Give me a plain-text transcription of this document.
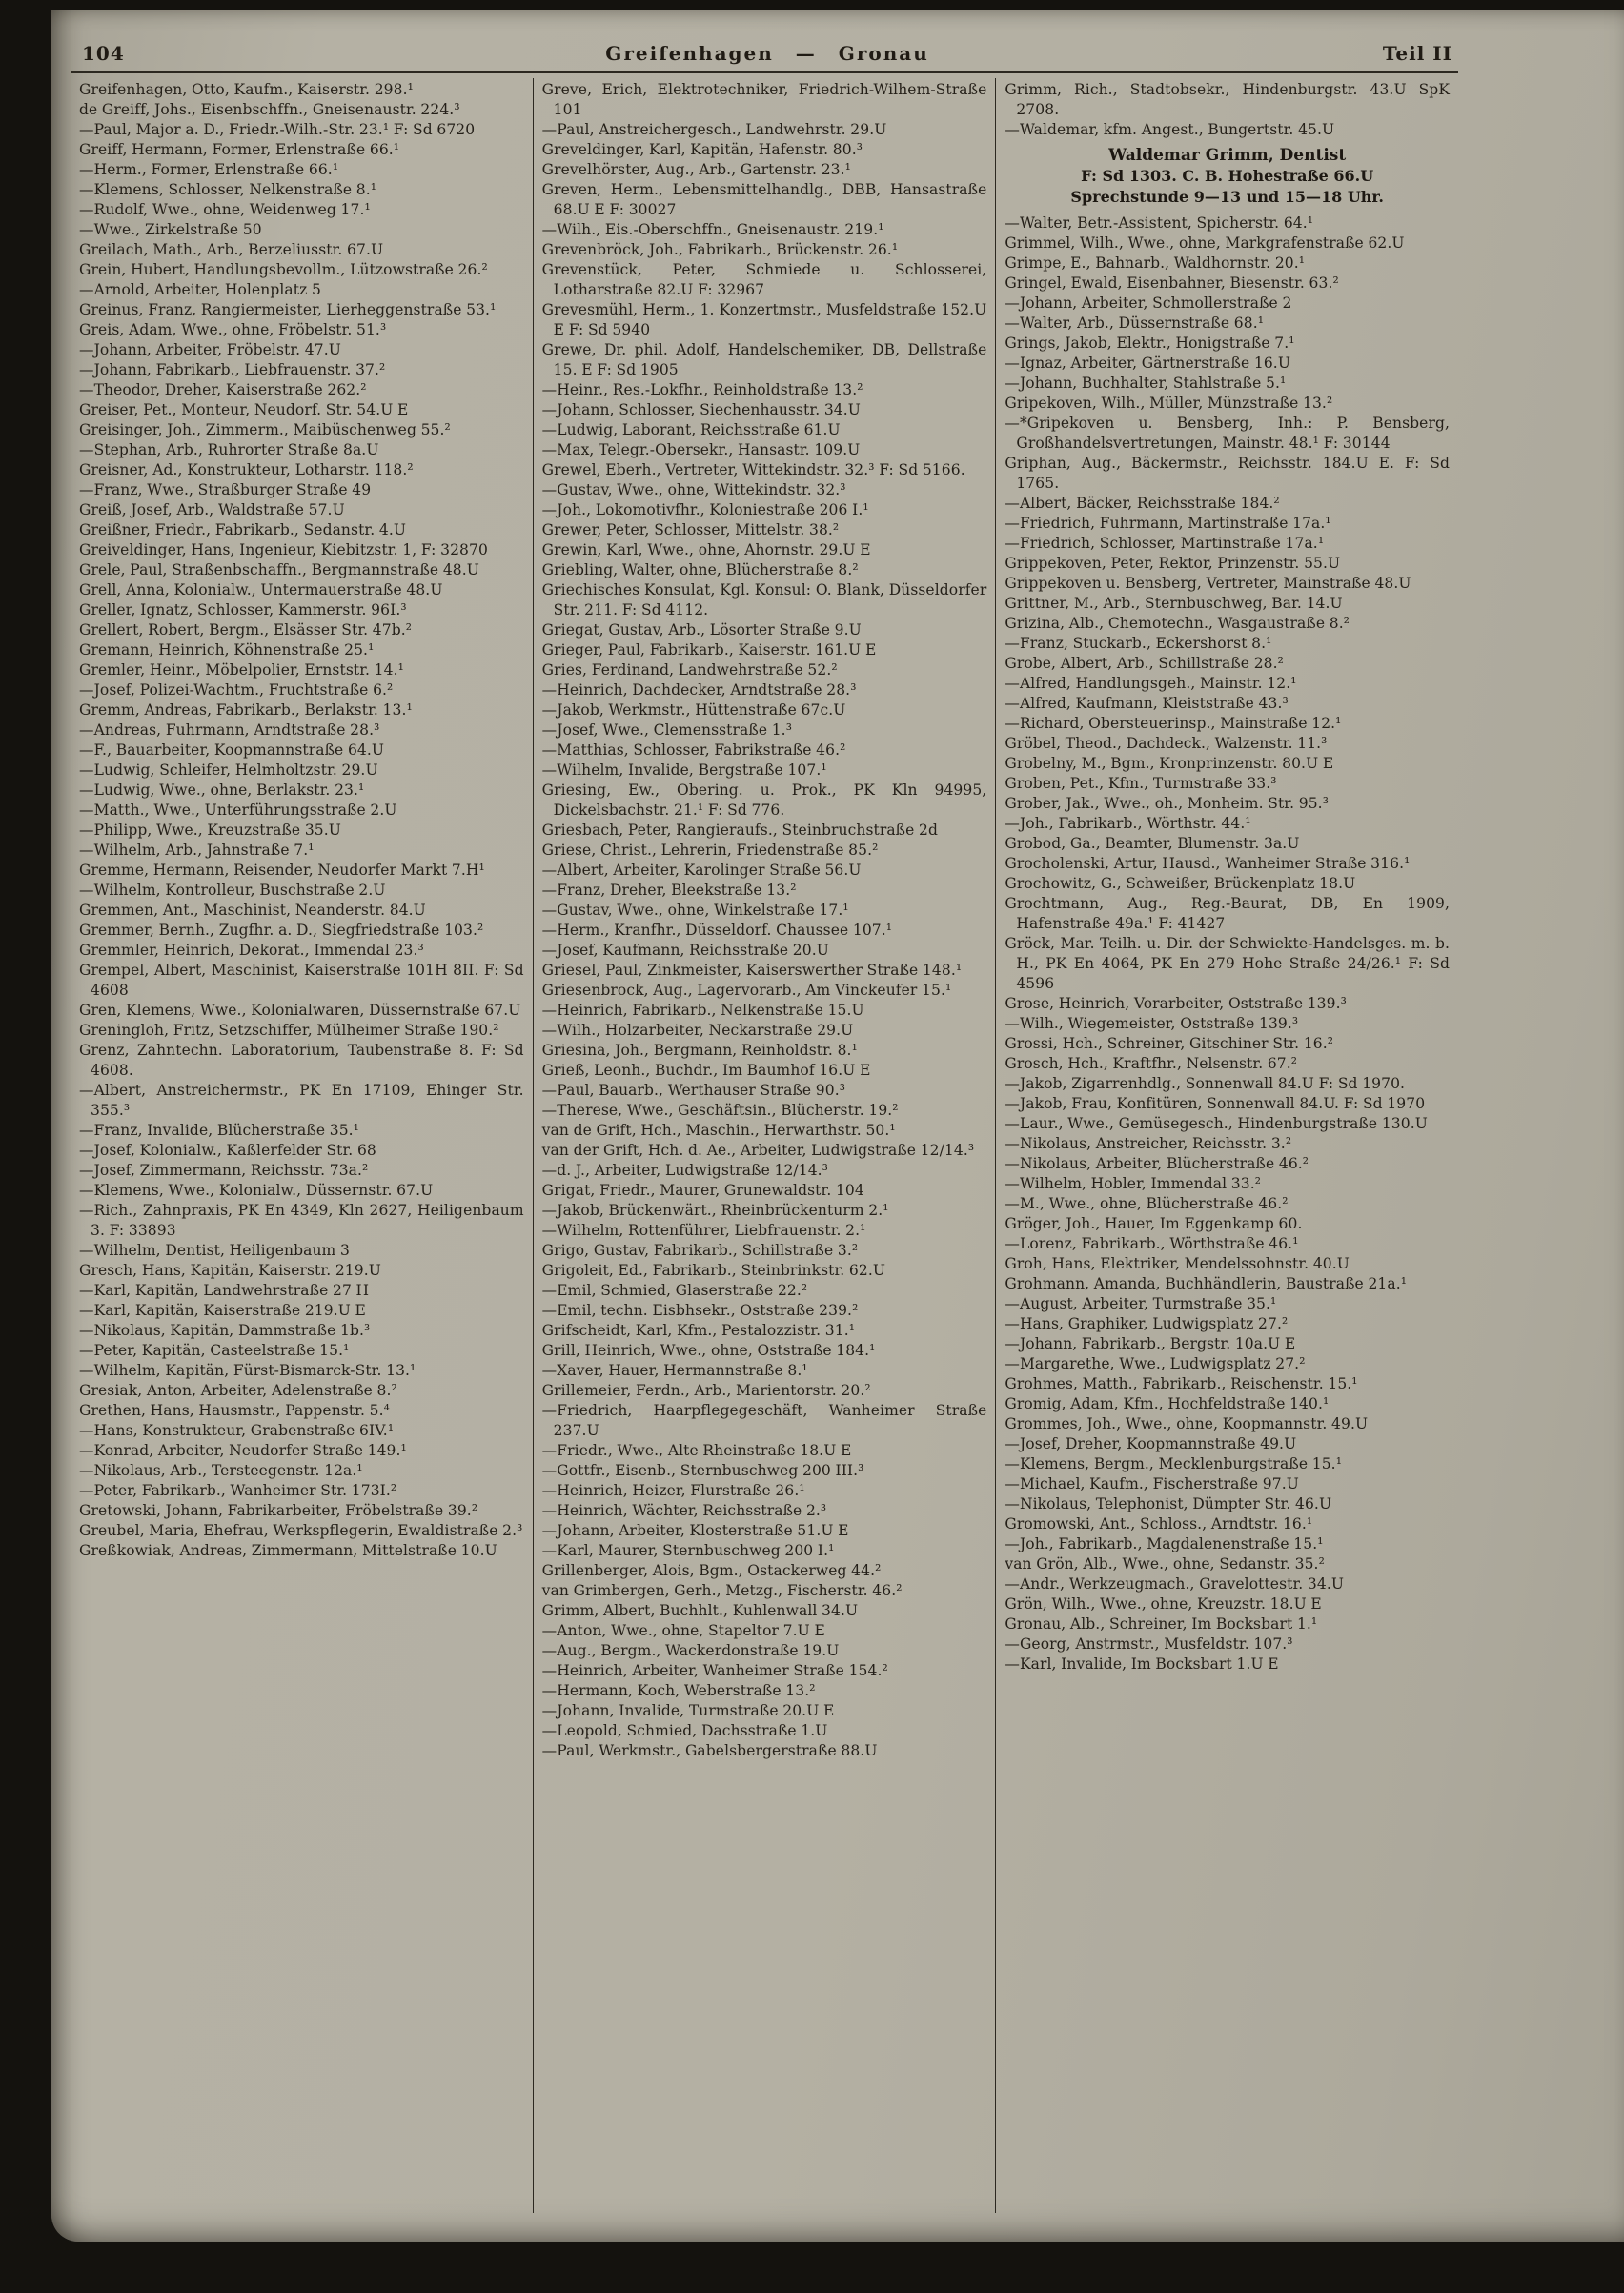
104	Greifenhagen — Gronau	Teil II

Greifenhagen, Otto, Kaufm., Kaiserstr. 298.¹

de Greiff, Johs., Eisenbschffn., Gneisenaustr. 224.³

—Paul, Major a. D., Friedr.-Wilh.-Str. 23.¹ F: Sd 6720

Greiff, Hermann, Former, Erlenstraße 66.¹

—Herm., Former, Erlenstraße 66.¹

—Klemens, Schlosser, Nelkenstraße 8.¹

—Rudolf, Wwe., ohne, Weidenweg 17.¹

—Wwe., Zirkelstraße 50

Greilach, Math., Arb., Berzeliusstr. 67.U

Grein, Hubert, Handlungsbevollm., Lützowstraße 26.²

—Arnold, Arbeiter, Holenplatz 5

Greinus, Franz, Rangiermeister, Lierheggenstraße 53.¹

Greis, Adam, Wwe., ohne, Fröbelstr. 51.³

—Johann, Arbeiter, Fröbelstr. 47.U

—Johann, Fabrikarb., Liebfrauenstr. 37.²

—Theodor, Dreher, Kaiserstraße 262.²

Greiser, Pet., Monteur, Neudorf. Str. 54.U E

Greisinger, Joh., Zimmerm., Maibüschenweg 55.²

—Stephan, Arb., Ruhrorter Straße 8a.U

Greisner, Ad., Konstrukteur, Lotharstr. 118.²

—Franz, Wwe., Straßburger Straße 49

Greiß, Josef, Arb., Waldstraße 57.U

Greißner, Friedr., Fabrikarb., Sedanstr. 4.U

Greiveldinger, Hans, Ingenieur, Kiebitzstr. 1, F: 32870

Grele, Paul, Straßenbschaffn., Bergmannstraße 48.U

Grell, Anna, Kolonialw., Untermauerstraße 48.U

Greller, Ignatz, Schlosser, Kammerstr. 96I.³

Grellert, Robert, Bergm., Elsässer Str. 47b.²

Gremann, Heinrich, Köhnenstraße 25.¹

Gremler, Heinr., Möbelpolier, Ernststr. 14.¹

—Josef, Polizei-Wachtm., Fruchtstraße 6.²

Gremm, Andreas, Fabrikarb., Berlakstr. 13.¹

—Andreas, Fuhrmann, Arndtstraße 28.³

—F., Bauarbeiter, Koopmannstraße 64.U

—Ludwig, Schleifer, Helmholtzstr. 29.U

—Ludwig, Wwe., ohne, Berlakstr. 23.¹

—Matth., Wwe., Unterführungsstraße 2.U

—Philipp, Wwe., Kreuzstraße 35.U

—Wilhelm, Arb., Jahnstraße 7.¹

Gremme, Hermann, Reisender, Neudorfer Markt 7.H¹

—Wilhelm, Kontrolleur, Buschstraße 2.U

Gremmen, Ant., Maschinist, Neanderstr. 84.U

Gremmer, Bernh., Zugfhr. a. D., Siegfriedstraße 103.²

Gremmler, Heinrich, Dekorat., Immendal 23.³

Grempel, Albert, Maschinist, Kaiserstraße 101H 8II. F: Sd 4608

Gren, Klemens, Wwe., Kolonialwaren, Düssernstraße 67.U

Greningloh, Fritz, Setzschiffer, Mülheimer Straße 190.²

Grenz, Zahntechn. Laboratorium, Taubenstraße 8. F: Sd 4608.

—Albert, Anstreichermstr., PK En 17109, Ehinger Str. 355.³

—Franz, Invalide, Blücherstraße 35.¹

—Josef, Kolonialw., Kaßlerfelder Str. 68

—Josef, Zimmermann, Reichsstr. 73a.²

—Klemens, Wwe., Kolonialw., Düssernstr. 67.U

—Rich., Zahnpraxis, PK En 4349, Kln 2627, Heiligenbaum 3. F: 33893

—Wilhelm, Dentist, Heiligenbaum 3

Gresch, Hans, Kapitän, Kaiserstr. 219.U

—Karl, Kapitän, Landwehrstraße 27 H

—Karl, Kapitän, Kaiserstraße 219.U E

—Nikolaus, Kapitän, Dammstraße 1b.³

—Peter, Kapitän, Casteelstraße 15.¹

—Wilhelm, Kapitän, Fürst-Bismarck-Str. 13.¹

Gresiak, Anton, Arbeiter, Adelenstraße 8.²

Grethen, Hans, Hausmstr., Pappenstr. 5.⁴

—Hans, Konstrukteur, Grabenstraße 6IV.¹

—Konrad, Arbeiter, Neudorfer Straße 149.¹

—Nikolaus, Arb., Tersteegenstr. 12a.¹

—Peter, Fabrikarb., Wanheimer Str. 173I.²

Gretowski, Johann, Fabrikarbeiter, Fröbelstraße 39.²

Greubel, Maria, Ehefrau, Werkspflegerin, Ewaldistraße 2.³

Greßkowiak, Andreas, Zimmermann, Mittelstraße 10.U

Greve, Erich, Elektrotechniker, Friedrich-Wilhem-Straße 101

—Paul, Anstreichergesch., Landwehrstr. 29.U

Greveldinger, Karl, Kapitän, Hafenstr. 80.³

Grevelhörster, Aug., Arb., Gartenstr. 23.¹

Greven, Herm., Lebensmittelhandlg., DBB, Hansastraße 68.U E F: 30027

—Wilh., Eis.-Oberschffn., Gneisenaustr. 219.¹

Grevenbröck, Joh., Fabrikarb., Brückenstr. 26.¹

Grevenstück, Peter, Schmiede u. Schlosserei, Lotharstraße 82.U F: 32967

Grevesmühl, Herm., 1. Konzertmstr., Musfeldstraße 152.U E F: Sd 5940

Grewe, Dr. phil. Adolf, Handelschemiker, DB, Dellstraße 15. E F: Sd 1905

—Heinr., Res.-Lokfhr., Reinholdstraße 13.²

—Johann, Schlosser, Siechenhausstr. 34.U

—Ludwig, Laborant, Reichsstraße 61.U

—Max, Telegr.-Obersekr., Hansastr. 109.U

Grewel, Eberh., Vertreter, Wittekindstr. 32.³ F: Sd 5166.

—Gustav, Wwe., ohne, Wittekindstr. 32.³

—Joh., Lokomotivfhr., Koloniestraße 206 I.¹

Grewer, Peter, Schlosser, Mittelstr. 38.²

Grewin, Karl, Wwe., ohne, Ahornstr. 29.U E

Griebling, Walter, ohne, Blücherstraße 8.²

Griechisches Konsulat, Kgl. Konsul: O. Blank, Düsseldorfer Str. 211. F: Sd 4112.

Griegat, Gustav, Arb., Lösorter Straße 9.U

Grieger, Paul, Fabrikarb., Kaiserstr. 161.U E

Gries, Ferdinand, Landwehrstraße 52.²

—Heinrich, Dachdecker, Arndtstraße 28.³

—Jakob, Werkmstr., Hüttenstraße 67c.U

—Josef, Wwe., Clemensstraße 1.³

—Matthias, Schlosser, Fabrikstraße 46.²

—Wilhelm, Invalide, Bergstraße 107.¹

Griesing, Ew., Obering. u. Prok., PK Kln 94995, Dickelsbachstr. 21.¹ F: Sd 776.

Griesbach, Peter, Rangieraufs., Steinbruchstraße 2d

Griese, Christ., Lehrerin, Friedenstraße 85.²

—Albert, Arbeiter, Karolinger Straße 56.U

—Franz, Dreher, Bleekstraße 13.²

—Gustav, Wwe., ohne, Winkelstraße 17.¹

—Herm., Kranfhr., Düsseldorf. Chaussee 107.¹

—Josef, Kaufmann, Reichsstraße 20.U

Griesel, Paul, Zinkmeister, Kaiserswerther Straße 148.¹

Griesenbrock, Aug., Lagervorarb., Am Vinckeufer 15.¹

—Heinrich, Fabrikarb., Nelkenstraße 15.U

—Wilh., Holzarbeiter, Neckarstraße 29.U

Griesina, Joh., Bergmann, Reinholdstr. 8.¹

Grieß, Leonh., Buchdr., Im Baumhof 16.U E

—Paul, Bauarb., Werthauser Straße 90.³

—Therese, Wwe., Geschäftsin., Blücherstr. 19.²

van de Grift, Hch., Maschin., Herwarthstr. 50.¹

van der Grift, Hch. d. Ae., Arbeiter, Ludwigstraße 12/14.³

—d. J., Arbeiter, Ludwigstraße 12/14.³

Grigat, Friedr., Maurer, Grunewaldstr. 104

—Jakob, Brückenwärt., Rheinbrückenturm 2.¹

—Wilhelm, Rottenführer, Liebfrauenstr. 2.¹

Grigo, Gustav, Fabrikarb., Schillstraße 3.²

Grigoleit, Ed., Fabrikarb., Steinbrinkstr. 62.U

—Emil, Schmied, Glaserstraße 22.²

—Emil, techn. Eisbhsekr., Oststraße 239.²

Grifscheidt, Karl, Kfm., Pestalozzistr. 31.¹

Grill, Heinrich, Wwe., ohne, Oststraße 184.¹

—Xaver, Hauer, Hermannstraße 8.¹

Grillemeier, Ferdn., Arb., Marientorstr. 20.²

—Friedrich, Haarpflegegeschäft, Wanheimer Straße 237.U

—Friedr., Wwe., Alte Rheinstraße 18.U E

—Gottfr., Eisenb., Sternbuschweg 200 III.³

—Heinrich, Heizer, Flurstraße 26.¹

—Heinrich, Wächter, Reichsstraße 2.³

—Johann, Arbeiter, Klosterstraße 51.U E

—Karl, Maurer, Sternbuschweg 200 I.¹

Grillenberger, Alois, Bgm., Ostackerweg 44.²

van Grimbergen, Gerh., Metzg., Fischerstr. 46.²

Grimm, Albert, Buchhlt., Kuhlenwall 34.U

—Anton, Wwe., ohne, Stapeltor 7.U E

—Aug., Bergm., Wackerdonstraße 19.U

—Heinrich, Arbeiter, Wanheimer Straße 154.²

—Hermann, Koch, Weberstraße 13.²

—Johann, Invalide, Turmstraße 20.U E

—Leopold, Schmied, Dachsstraße 1.U

—Paul, Werkmstr., Gabelsbergerstraße 88.U

Grimm, Rich., Stadtobsekr., Hindenburgstr. 43.U SpK 2708.

—Waldemar, kfm. Angest., Bungertstr. 45.U

Waldemar Grimm, Dentist
F: Sd 1303. C. B. Hohestraße 66.U
Sprechstunde 9—13 und 15—18 Uhr.

—Walter, Betr.-Assistent, Spicherstr. 64.¹

Grimmel, Wilh., Wwe., ohne, Markgrafenstraße 62.U

Grimpe, E., Bahnarb., Waldhornstr. 20.¹

Gringel, Ewald, Eisenbahner, Biesenstr. 63.²

—Johann, Arbeiter, Schmollerstraße 2

—Walter, Arb., Düssernstraße 68.¹

Grings, Jakob, Elektr., Honigstraße 7.¹

—Ignaz, Arbeiter, Gärtnerstraße 16.U

—Johann, Buchhalter, Stahlstraße 5.¹

Gripekoven, Wilh., Müller, Münzstraße 13.²

—*Gripekoven u. Bensberg, Inh.: P. Bensberg, Großhandelsvertretungen, Mainstr. 48.¹ F: 30144

Griphan, Aug., Bäckermstr., Reichsstr. 184.U E. F: Sd 1765.

—Albert, Bäcker, Reichsstraße 184.²

—Friedrich, Fuhrmann, Martinstraße 17a.¹

—Friedrich, Schlosser, Martinstraße 17a.¹

Grippekoven, Peter, Rektor, Prinzenstr. 55.U

Grippekoven u. Bensberg, Vertreter, Mainstraße 48.U

Grittner, M., Arb., Sternbuschweg, Bar. 14.U

Grizina, Alb., Chemotechn., Wasgaustraße 8.²

—Franz, Stuckarb., Eckershorst 8.¹

Grobe, Albert, Arb., Schillstraße 28.²

—Alfred, Handlungsgeh., Mainstr. 12.¹

—Alfred, Kaufmann, Kleiststraße 43.³

—Richard, Obersteuerinsp., Mainstraße 12.¹

Gröbel, Theod., Dachdeck., Walzenstr. 11.³

Grobelny, M., Bgm., Kronprinzenstr. 80.U E

Groben, Pet., Kfm., Turmstraße 33.³

Grober, Jak., Wwe., oh., Monheim. Str. 95.³

—Joh., Fabrikarb., Wörthstr. 44.¹

Grobod, Ga., Beamter, Blumenstr. 3a.U

Grocholenski, Artur, Hausd., Wanheimer Straße 316.¹

Grochowitz, G., Schweißer, Brückenplatz 18.U

Grochtmann, Aug., Reg.-Baurat, DB, En 1909, Hafenstraße 49a.¹ F: 41427

Gröck, Mar. Teilh. u. Dir. der Schwiekte-Handelsges. m. b. H., PK En 4064, PK En 279 Hohe Straße 24/26.¹ F: Sd 4596

Grose, Heinrich, Vorarbeiter, Oststraße 139.³

—Wilh., Wiegemeister, Oststraße 139.³

Grossi, Hch., Schreiner, Gitschiner Str. 16.²

Grosch, Hch., Kraftfhr., Nelsenstr. 67.²

—Jakob, Zigarrenhdlg., Sonnenwall 84.U F: Sd 1970.

—Jakob, Frau, Konfitüren, Sonnenwall 84.U. F: Sd 1970

—Laur., Wwe., Gemüsegesch., Hindenburgstraße 130.U

—Nikolaus, Anstreicher, Reichsstr. 3.²

—Nikolaus, Arbeiter, Blücherstraße 46.²

—Wilhelm, Hobler, Immendal 33.²

—M., Wwe., ohne, Blücherstraße 46.²

Gröger, Joh., Hauer, Im Eggenkamp 60.

—Lorenz, Fabrikarb., Wörthstraße 46.¹

Groh, Hans, Elektriker, Mendelssohnstr. 40.U

Grohmann, Amanda, Buchhändlerin, Baustraße 21a.¹

—August, Arbeiter, Turmstraße 35.¹

—Hans, Graphiker, Ludwigsplatz 27.²

—Johann, Fabrikarb., Bergstr. 10a.U E

—Margarethe, Wwe., Ludwigsplatz 27.²

Grohmes, Matth., Fabrikarb., Reischenstr. 15.¹

Gromig, Adam, Kfm., Hochfeldstraße 140.¹

Grommes, Joh., Wwe., ohne, Koopmannstr. 49.U

—Josef, Dreher, Koopmannstraße 49.U

—Klemens, Bergm., Mecklenburgstraße 15.¹

—Michael, Kaufm., Fischerstraße 97.U

—Nikolaus, Telephonist, Dümpter Str. 46.U

Gromowski, Ant., Schloss., Arndtstr. 16.¹

—Joh., Fabrikarb., Magdalenenstraße 15.¹

van Grön, Alb., Wwe., ohne, Sedanstr. 35.²

—Andr., Werkzeugmach., Gravelottestr. 34.U

Grön, Wilh., Wwe., ohne, Kreuzstr. 18.U E

Gronau, Alb., Schreiner, Im Bocksbart 1.¹

—Georg, Anstrmstr., Musfeldstr. 107.³

—Karl, Invalide, Im Bocksbart 1.U E
